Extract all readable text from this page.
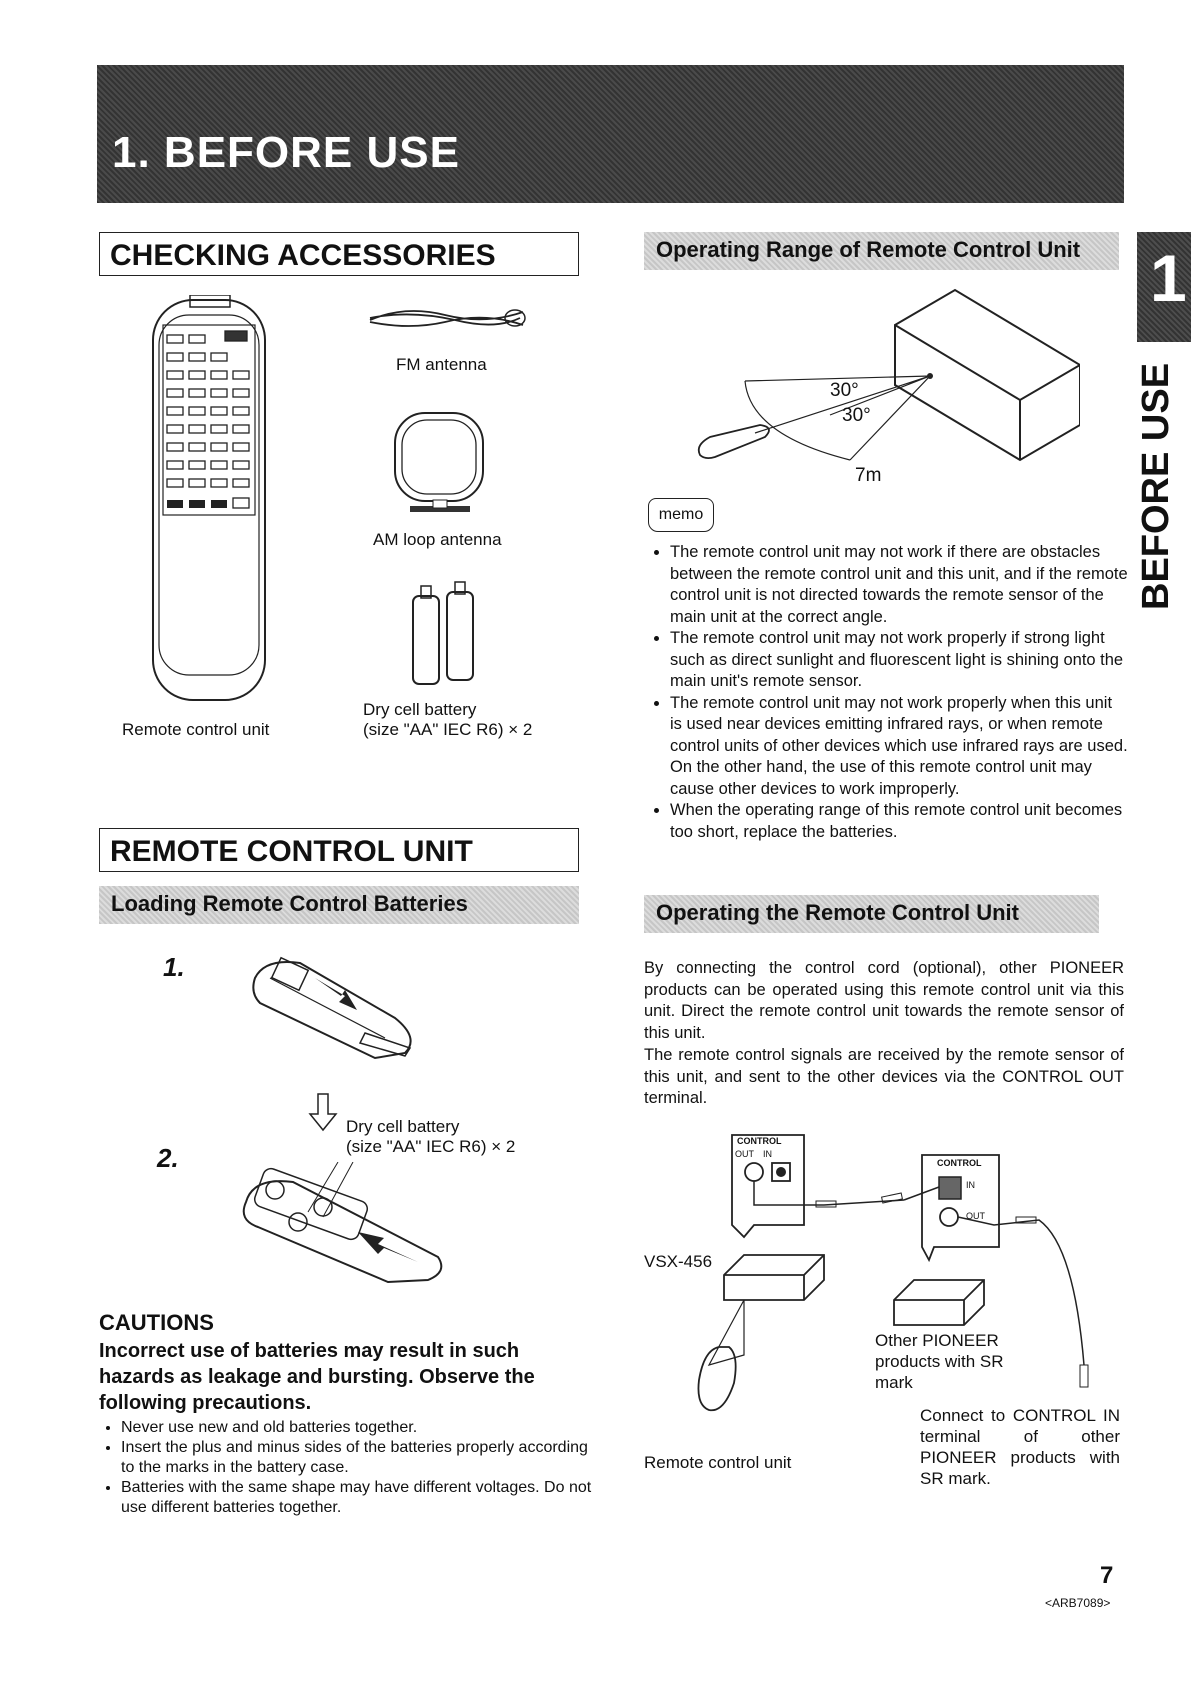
1. BEFORE USE
1
BEFORE USE
CHECKING ACCESSORIES
Remote control unit
FM antenna
AM loop antenna
Dry cell battery
(size "AA" IEC R6) × 2
REMOTE CONTROL UNIT
Loading Remote Control Batteries
1.
Dry cell battery
(size "AA" IEC R6) × 2
2.
CAUTIONS
Incorrect use of batteries may result in such hazards as leakage and bursting. Observe the following precautions.
• Never use new and old batteries together.
• Insert the plus and minus sides of the batteries properly according to the marks in the battery case.
• Batteries with the same shape may have different voltages. Do not use different batteries together.
Operating Range of Remote Control Unit
30°
30°
7m
memo
• The remote control unit may not work if there are obstacles between the remote control unit and this unit, and if the remote control unit is not directed towards the remote sensor of the main unit at the correct angle.
• The remote control unit may not work properly if strong light such as direct sunlight and fluorescent light is shining onto the main unit's remote sensor.
• The remote control unit may not work properly when this unit is used near devices emitting infrared rays, or when remote control units of other devices which use infrared rays are used.
On the other hand, the use of this remote control unit may cause other devices to work improperly.
• When the operating range of this remote control unit becomes too short, replace the batteries.
Operating the Remote Control Unit
By connecting the control cord (optional), other PIONEER products can be operated using this remote control unit via this unit. Direct the remote control unit towards the remote sensor of this unit.
The remote control signals are received by the remote sensor of this unit, and sent to the other devices via the CONTROL OUT terminal.
CONTROL
OUT IN
CONTROL
IN
OUT
VSX-456
Other PIONEER products with SR mark
Remote control unit
Connect to CONTROL IN terminal of other PIONEER products with SR mark.
7
<ARB7089>
